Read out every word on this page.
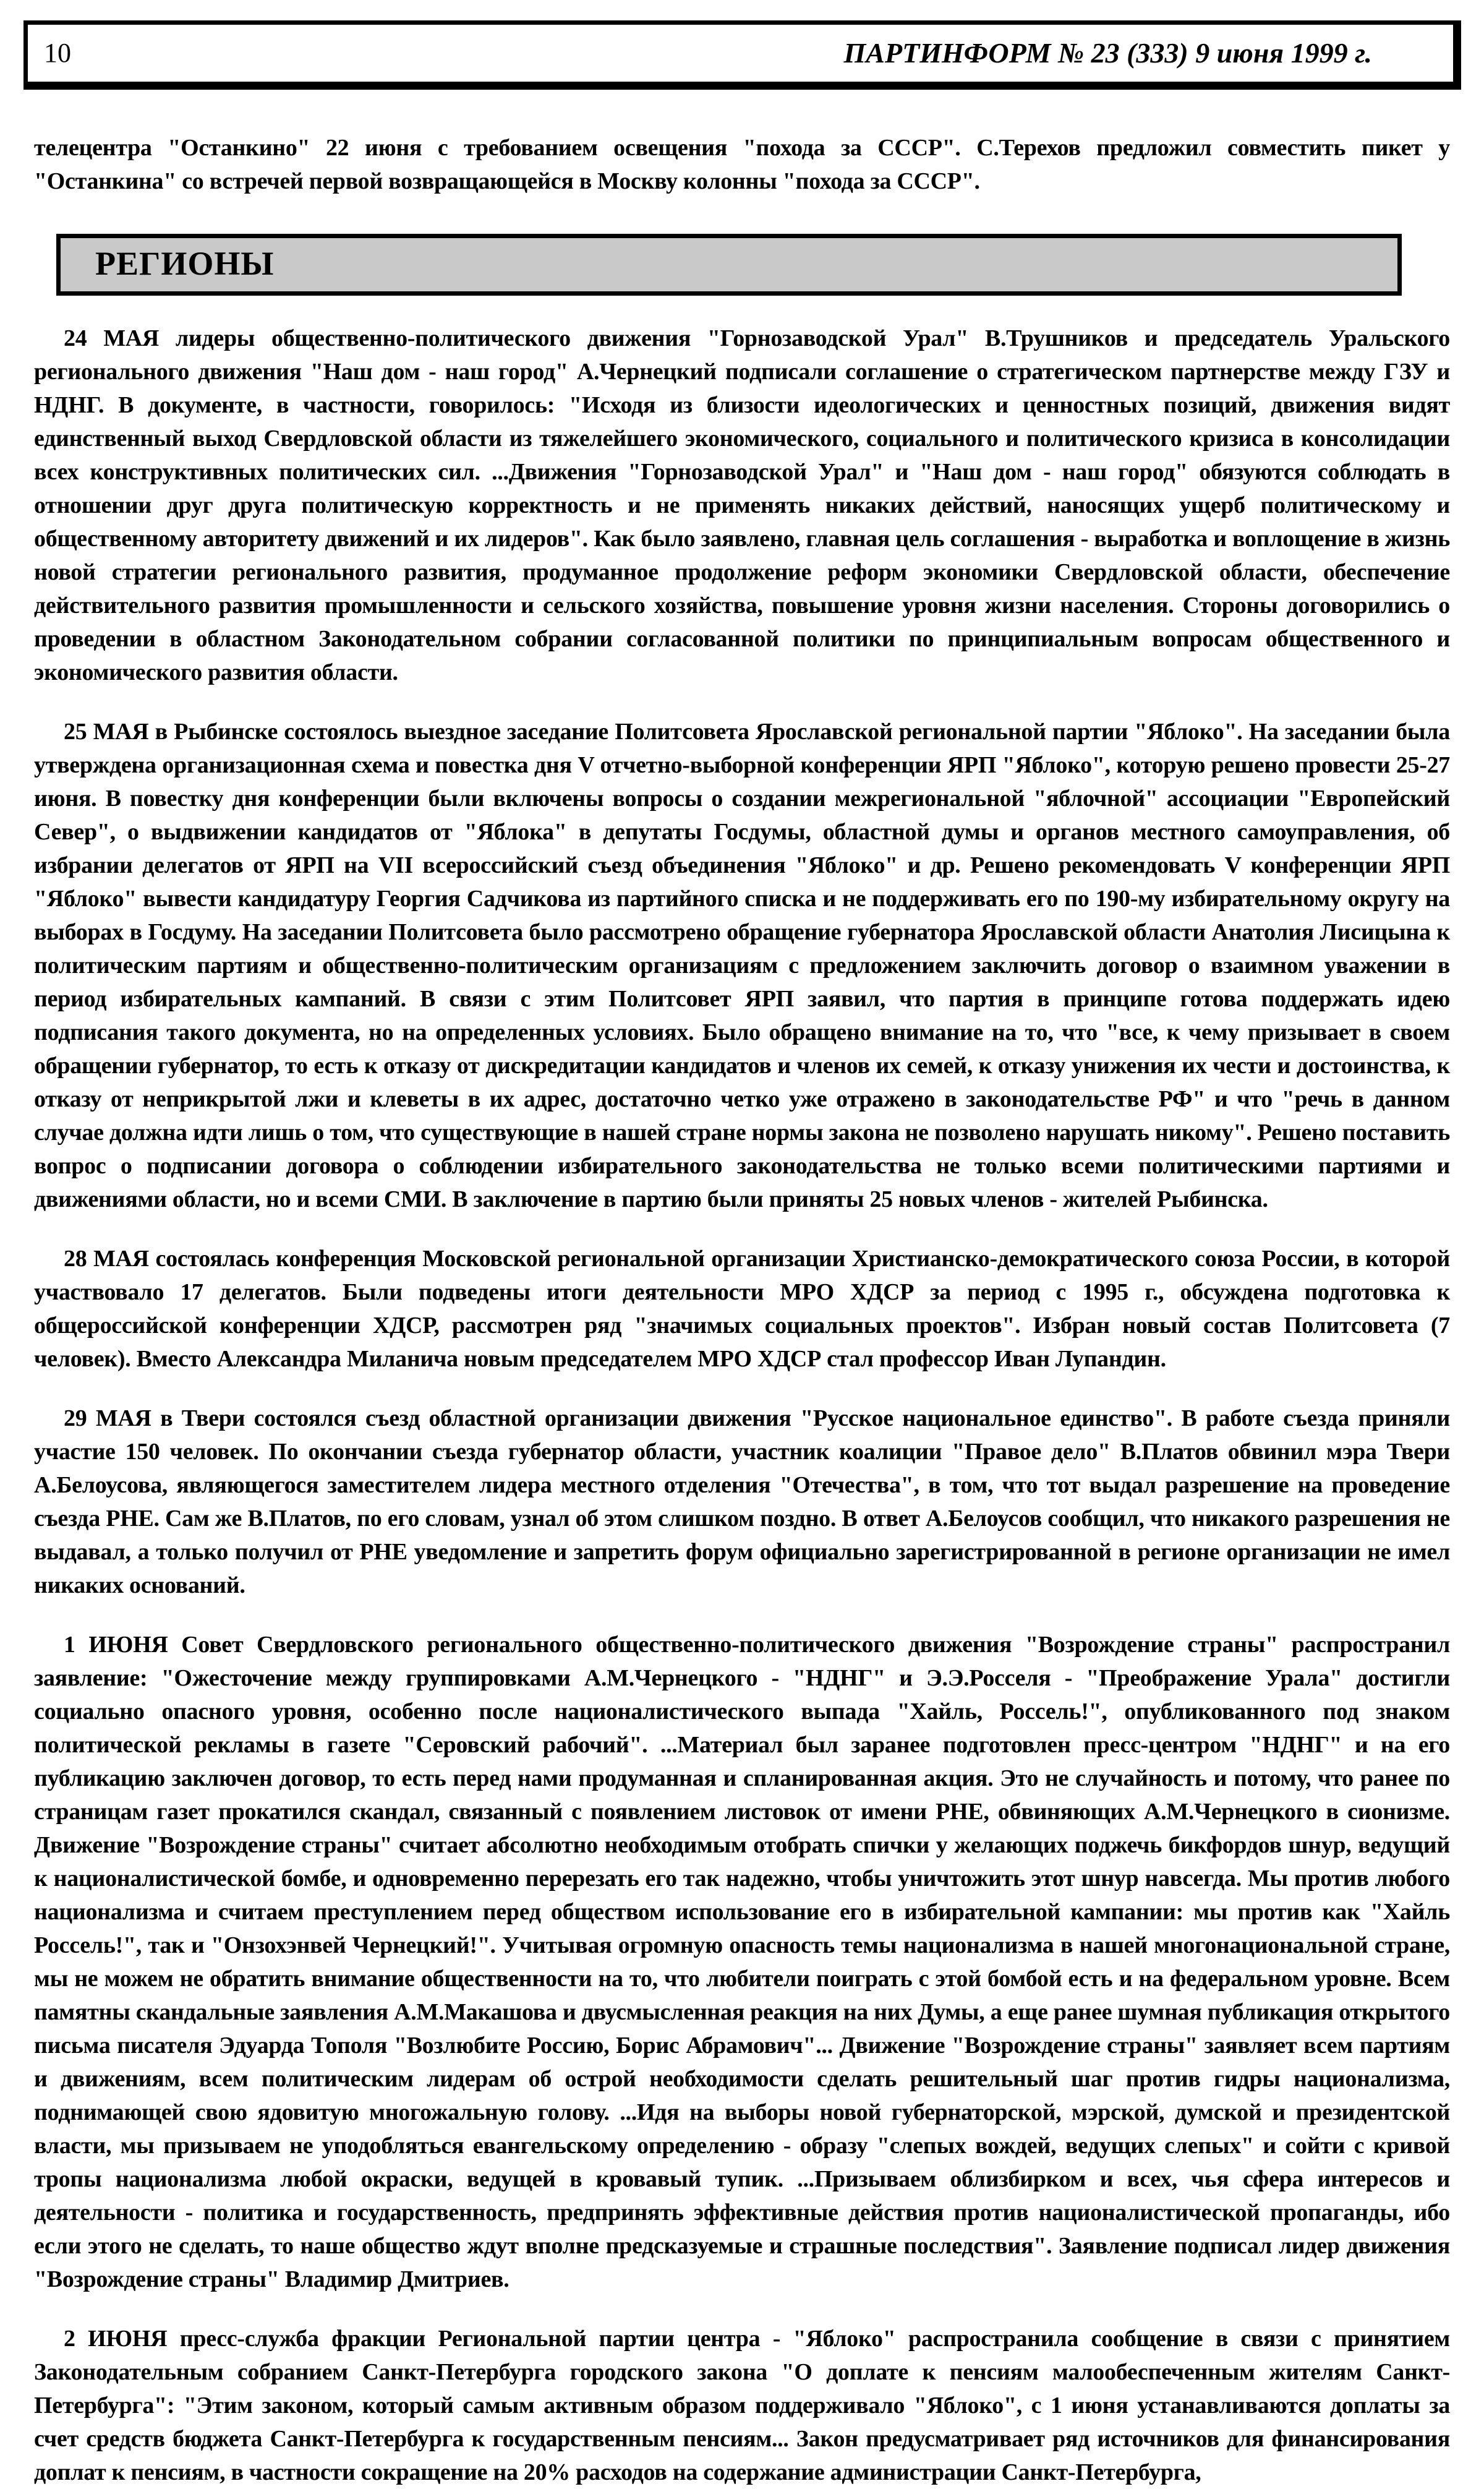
10	ПАРТИНФОРМ № 23 (333) 9 июня 1999 г.

телецентра "Останкино" 22 июня с требованием освещения "похода за СССР". С.Терехов предложил совместить пикет у "Останкина" со встречей первой возвращающейся в Москву колонны "похода за СССР".

РЕГИОНЫ

24 МАЯ лидеры общественно-политического движения "Горнозаводской Урал" В.Трушников и председатель Уральского регионального движения "Наш дом - наш город" А.Чернецкий подписали соглашение о стратегическом партнерстве между ГЗУ и НДНГ. В документе, в частности, говорилось: "Исходя из близости идеологических и ценностных позиций, движения видят единственный выход Свердловской области из тяжелейшего экономического, социального и политического кризиса в консолидации всех конструктивных политических сил. ...Движения "Горнозаводской Урал" и "Наш дом - наш город" обязуются соблюдать в отношении друг друга политическую корректность и не применять никаких действий, наносящих ущерб политическому и общественному авторитету движений и их лидеров". Как было заявлено, главная цель соглашения - выработка и воплощение в жизнь новой стратегии регионального развития, продуманное продолжение реформ экономики Свердловской области, обеспечение действительного развития промышленности и сельского хозяйства, повышение уровня жизни населения. Стороны договорились о проведении в областном Законодательном собрании согласованной политики по принципиальным вопросам общественного и экономического развития области.

25 МАЯ в Рыбинске состоялось выездное заседание Политсовета Ярославской региональной партии "Яблоко". На заседании была утверждена организационная схема и повестка дня V отчетно-выборной конференции ЯРП "Яблоко", которую решено провести 25-27 июня. В повестку дня конференции были включены вопросы о создании межрегиональной "яблочной" ассоциации "Европейский Север", о выдвижении кандидатов от "Яблока" в депутаты Госдумы, областной думы и органов местного самоуправления, об избрании делегатов от ЯРП на VII всероссийский съезд объединения "Яблоко" и др. Решено рекомендовать V конференции ЯРП "Яблоко" вывести кандидатуру Георгия Садчикова из партийного списка и не поддерживать его по 190-му избирательному округу на выборах в Госдуму. На заседании Политсовета было рассмотрено обращение губернатора Ярославской области Анатолия Лисицына к политическим партиям и общественно-политическим организациям с предложением заключить договор о взаимном уважении в период избирательных кампаний. В связи с этим Политсовет ЯРП заявил, что партия в принципе готова поддержать идею подписания такого документа, но на определенных условиях. Было обращено внимание на то, что "все, к чему призывает в своем обращении губернатор, то есть к отказу от дискредитации кандидатов и членов их семей, к отказу унижения их чести и достоинства, к отказу от неприкрытой лжи и клеветы в их адрес, достаточно четко уже отражено в законодательстве РФ" и что "речь в данном случае должна идти лишь о том, что существующие в нашей стране нормы закона не позволено нарушать никому". Решено поставить вопрос о подписании договора о соблюдении избирательного законодательства не только всеми политическими партиями и движениями области, но и всеми СМИ. В заключение в партию были приняты 25 новых членов - жителей Рыбинска.

28 МАЯ состоялась конференция Московской региональной организации Христианско-демократического союза России, в которой участвовало 17 делегатов. Были подведены итоги деятельности МРО ХДСР за период с 1995 г., обсуждена подготовка к общероссийской конференции ХДСР, рассмотрен ряд "значимых социальных проектов". Избран новый состав Политсовета (7 человек). Вместо Александра Миланича новым председателем МРО ХДСР стал профессор Иван Лупандин.

29 МАЯ в Твери состоялся съезд областной организации движения "Русское национальное единство". В работе съезда приняли участие 150 человек. По окончании съезда губернатор области, участник коалиции "Правое дело" В.Платов обвинил мэра Твери А.Белоусова, являющегося заместителем лидера местного отделения "Отечества", в том, что тот выдал разрешение на проведение съезда РНЕ. Сам же В.Платов, по его словам, узнал об этом слишком поздно. В ответ А.Белоусов сообщил, что никакого разрешения не выдавал, а только получил от РНЕ уведомление и запретить форум официально зарегистрированной в регионе организации не имел никаких оснований.

1 ИЮНЯ Совет Свердловского регионального общественно-политического движения "Возрождение страны" распространил заявление: "Ожесточение между группировками А.М.Чернецкого - "НДНГ" и Э.Э.Росселя - "Преображение Урала" достигли социально опасного уровня, особенно после националистического выпада "Хайль, Россель!", опубликованного под знаком политической рекламы в газете "Серовский рабочий". ...Материал был заранее подготовлен пресс-центром "НДНГ" и на его публикацию заключен договор, то есть перед нами продуманная и спланированная акция. Это не случайность и потому, что ранее по страницам газет прокатился скандал, связанный с появлением листовок от имени РНЕ, обвиняющих А.М.Чернецкого в сионизме. Движение "Возрождение страны" считает абсолютно необходимым отобрать спички у желающих поджечь бикфордов шнур, ведущий к националистической бомбе, и одновременно перерезать его так надежно, чтобы уничтожить этот шнур навсегда. Мы против любого национализма и считаем преступлением перед обществом использование его в избирательной кампании: мы против как "Хайль Россель!", так и "Онзохэнвей Чернецкий!". Учитывая огромную опасность темы национализма в нашей многонациональной стране, мы не можем не обратить внимание общественности на то, что любители поиграть с этой бомбой есть и на федеральном уровне. Всем памятны скандальные заявления А.М.Макашова и двусмысленная реакция на них Думы, а еще ранее шумная публикация открытого письма писателя Эдуарда Тополя "Возлюбите Россию, Борис Абрамович"... Движение "Возрождение страны" заявляет всем партиям и движениям, всем политическим лидерам об острой необходимости сделать решительный шаг против гидры национализма, поднимающей свою ядовитую многожальную голову. ...Идя на выборы новой губернаторской, мэрской, думской и президентской власти, мы призываем не уподобляться евангельскому определению - образу "слепых вождей, ведущих слепых" и сойти с кривой тропы национализма любой окраски, ведущей в кровавый тупик. ...Призываем облизбирком и всех, чья сфера интересов и деятельности - политика и государственность, предпринять эффективные действия против националистической пропаганды, ибо если этого не сделать, то наше общество ждут вполне предсказуемые и страшные последствия". Заявление подписал лидер движения "Возрождение страны" Владимир Дмитриев.

2 ИЮНЯ пресс-служба фракции Региональной партии центра - "Яблоко" распространила сообщение в связи с принятием Законодательным собранием Санкт-Петербурга городского закона "О доплате к пенсиям малообеспеченным жителям Санкт-Петербурга": "Этим законом, который самым активным образом поддерживало "Яблоко", с 1 июня устанавливаются доплаты за счет средств бюджета Санкт-Петербурга к государственным пенсиям... Закон предусматривает ряд источников для финансирования доплат к пенсиям, в частности сокращение на 20% расходов на содержание администрации Санкт-Петербурга,
